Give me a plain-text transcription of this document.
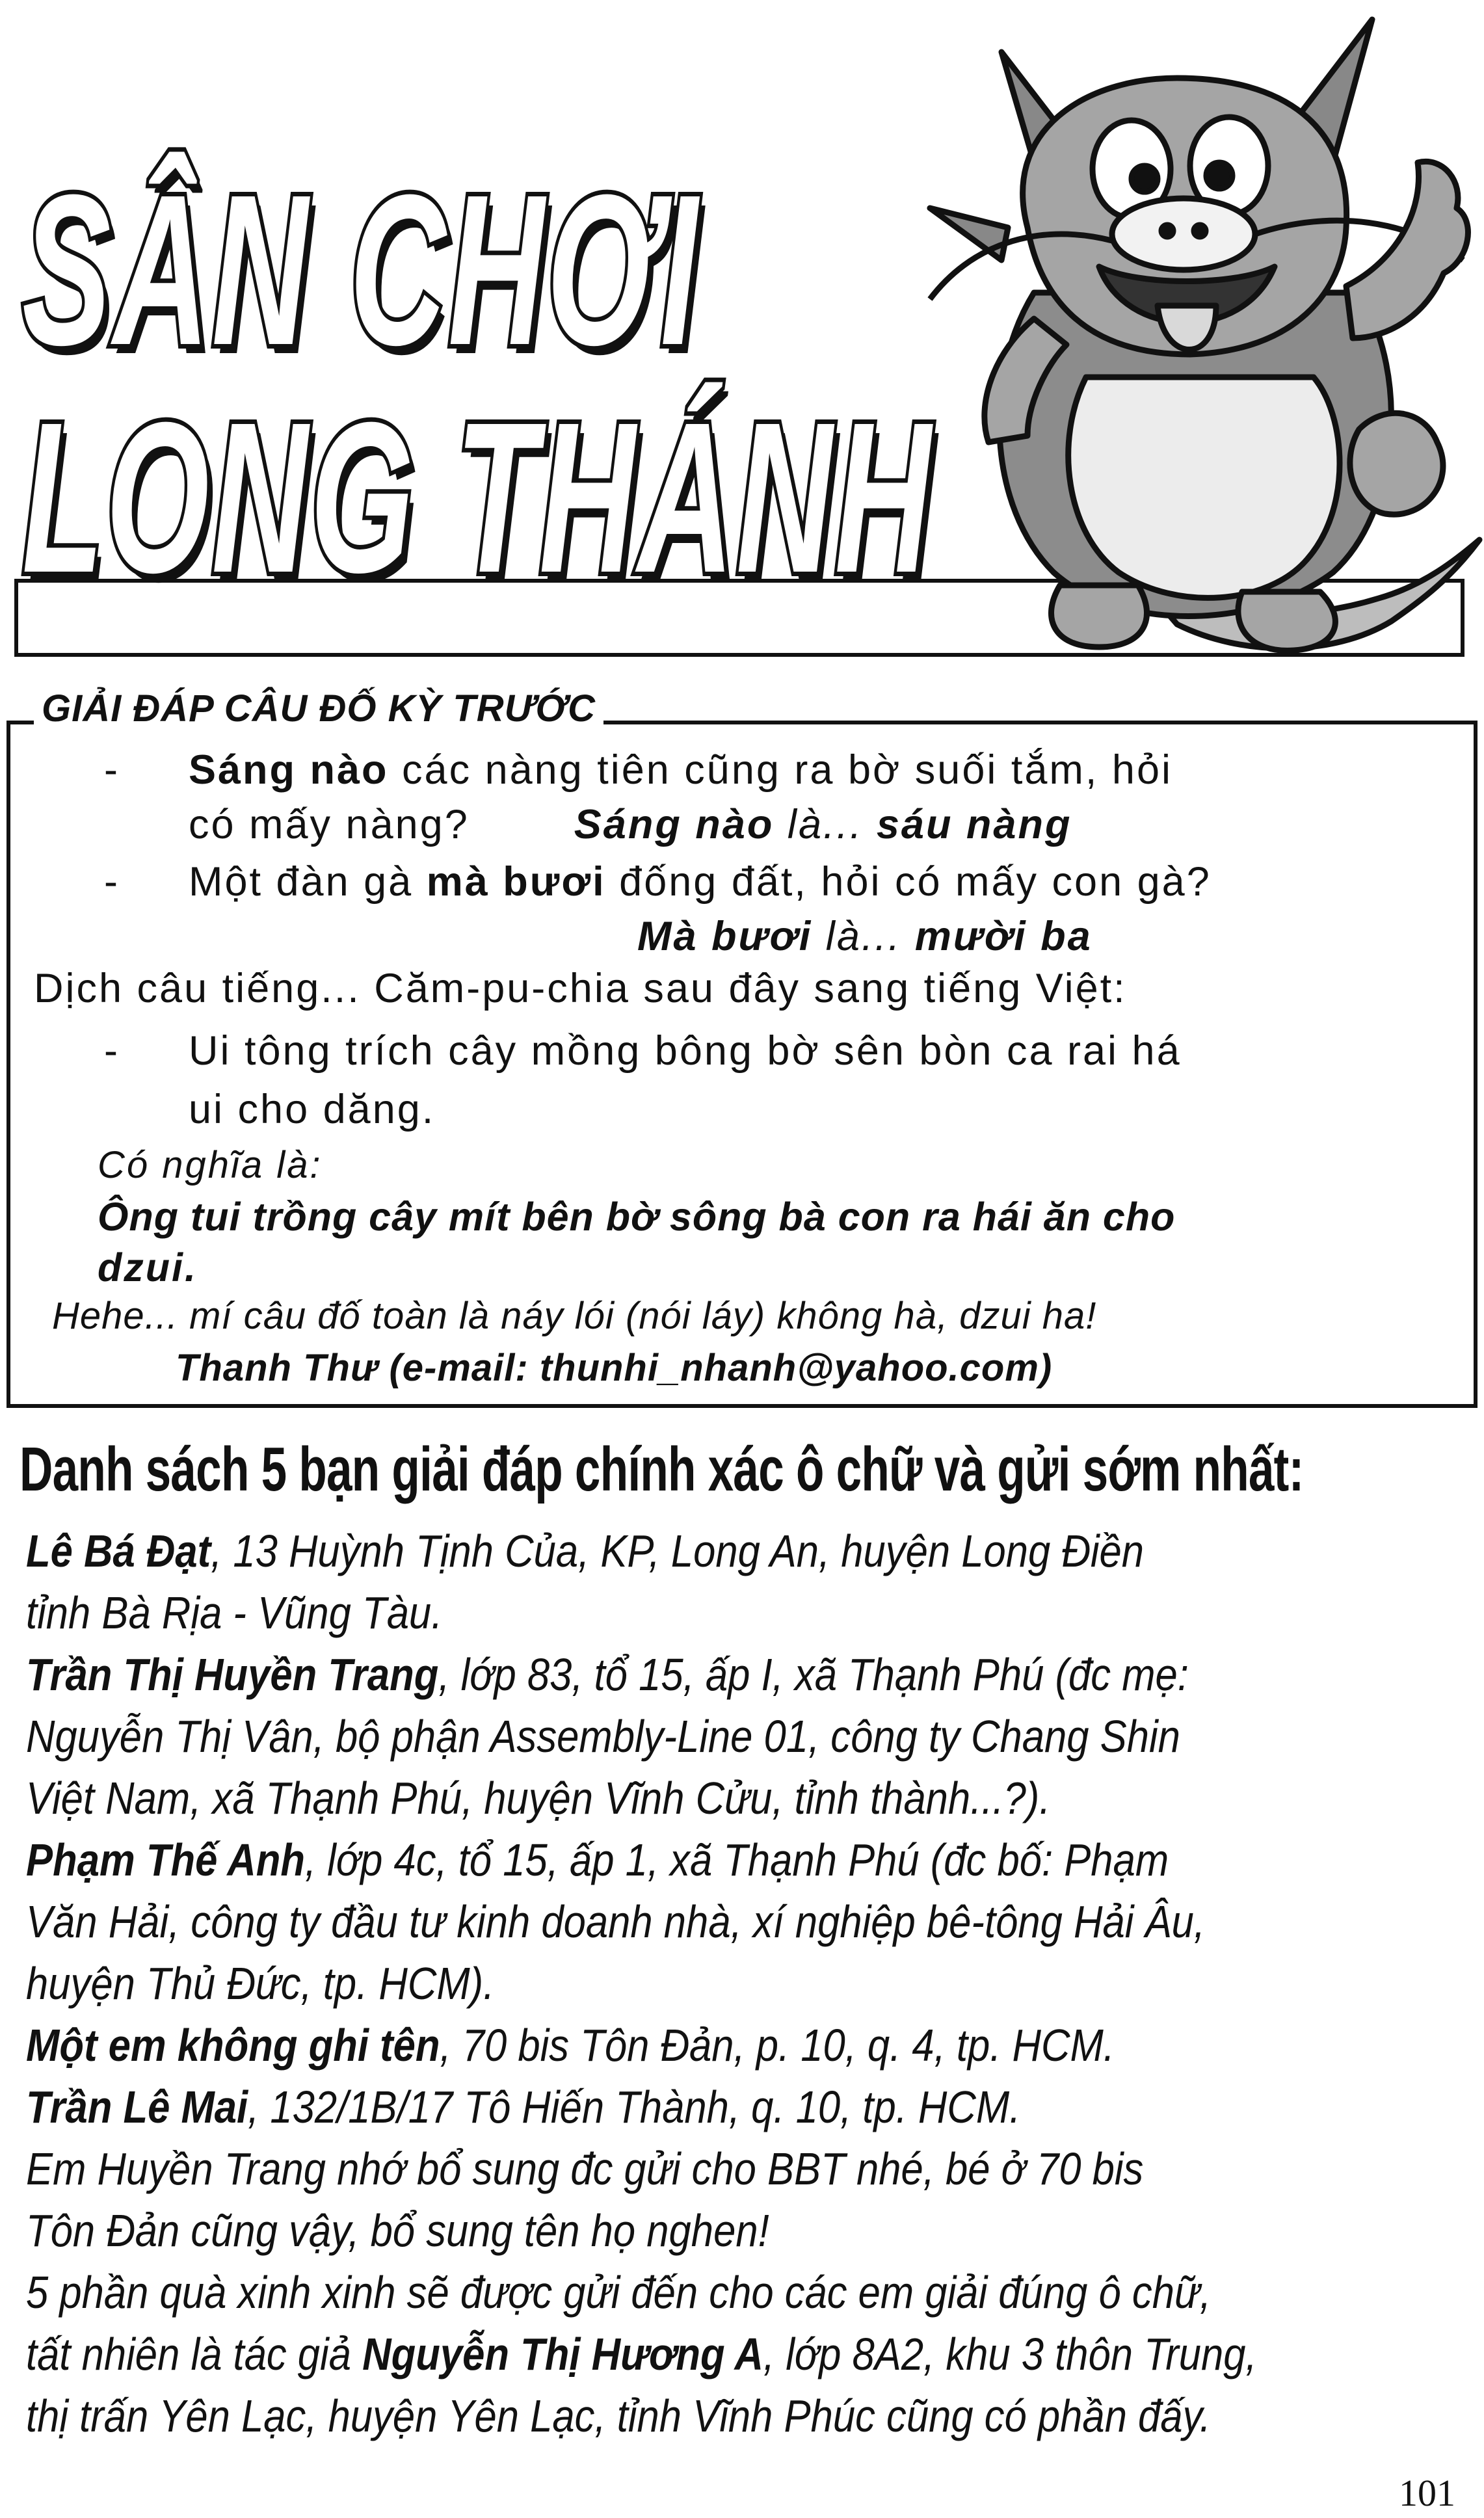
SÂN CHƠI
LONG THÁNH
GIẢI ĐÁP CÂU ĐỐ KỲ TRƯỚC
- Sáng nào các nàng tiên cũng ra bờ suối tắm, hỏi
có mấy nàng?	Sáng nào là... sáu nàng
- Một đàn gà mà bươi đống đất, hỏi có mấy con gà?
Mà bươi là... mười ba
Dịch câu tiếng... Căm-pu-chia sau đây sang tiếng Việt:
- Ui tông trích cây mồng bông bờ sên bòn ca rai há
ui cho dăng.
Có nghĩa là:
Ông tui trồng cây mít bên bờ sông bà con ra hái ăn cho
dzui.
Hehe... mí câu đố toàn là náy lói (nói láy) không hà, dzui ha!
Thanh Thư (e-mail: thunhi_nhanh@yahoo.com)
Danh sách 5 bạn giải đáp chính xác ô chữ và gửi sớm nhất:
Lê Bá Đạt, 13 Huỳnh Tịnh Của, KP, Long An, huyện Long Điền
tỉnh Bà Rịa - Vũng Tàu.
Trần Thị Huyền Trang, lớp 83, tổ 15, ấp I, xã Thạnh Phú (đc mẹ:
Nguyễn Thị Vân, bộ phận Assembly-Line 01, công ty Chang Shin
Việt Nam, xã Thạnh Phú, huyện Vĩnh Cửu, tỉnh thành...?).
Phạm Thế Anh, lớp 4c, tổ 15, ấp 1, xã Thạnh Phú (đc bố: Phạm
Văn Hải, công ty đầu tư kinh doanh nhà, xí nghiệp bê-tông Hải Âu,
huyện Thủ Đức, tp. HCM).
Một em không ghi tên, 70 bis Tôn Đản, p. 10, q. 4, tp. HCM.
Trần Lê Mai, 132/1B/17 Tô Hiến Thành, q. 10, tp. HCM.
Em Huyền Trang nhớ bổ sung đc gửi cho BBT nhé, bé ở 70 bis
Tôn Đản cũng vậy, bổ sung tên họ nghen!
5 phần quà xinh xinh sẽ được gửi đến cho các em giải đúng ô chữ,
tất nhiên là tác giả Nguyễn Thị Hương A, lớp 8A2, khu 3 thôn Trung,
thị trấn Yên Lạc, huyện Yên Lạc, tỉnh Vĩnh Phúc cũng có phần đấy.
101
